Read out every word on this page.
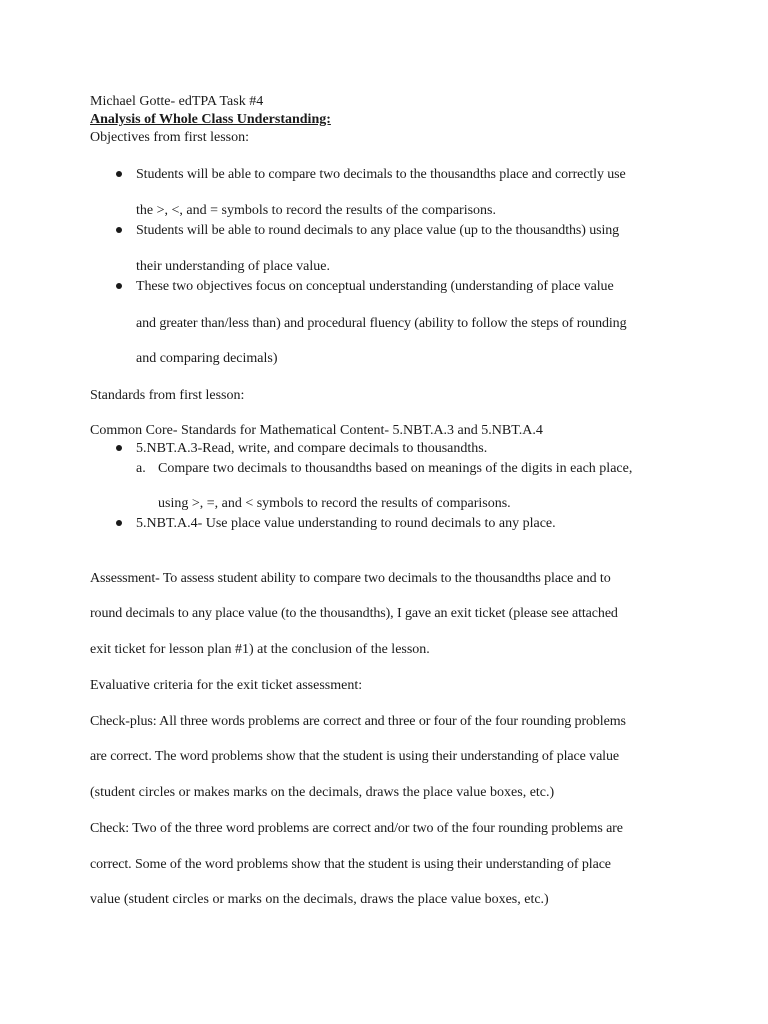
Michael Gotte- edTPA Task #4
Analysis of Whole Class Understanding:
Objectives from first lesson:
Students will be able to compare two decimals to the thousandths place and correctly use
the >, <, and = symbols to record the results of the comparisons.
Students will be able to round decimals to any place value (up to the thousandths) using
their understanding of place value.
These two objectives focus on conceptual understanding (understanding of place value
and greater than/less than) and procedural fluency (ability to follow the steps of rounding
and comparing decimals)
Standards from first lesson:
Common Core- Standards for Mathematical Content- 5.NBT.A.3 and 5.NBT.A.4
5.NBT.A.3-Read, write, and compare decimals to thousandths.
a. Compare two decimals to thousandths based on meanings of the digits in each place,
using >, =, and < symbols to record the results of comparisons.
5.NBT.A.4- Use place value understanding to round decimals to any place.
Assessment- To assess student ability to compare two decimals to the thousandths place and to
round decimals to any place value (to the thousandths), I gave an exit ticket (please see attached
exit ticket for lesson plan #1) at the conclusion of the lesson.
Evaluative criteria for the exit ticket assessment:
Check-plus: All three words problems are correct and three or four of the four rounding problems
are correct. The word problems show that the student is using their understanding of place value
(student circles or makes marks on the decimals, draws the place value boxes, etc.)
Check: Two of the three word problems are correct and/or two of the four rounding problems are
correct. Some of the word problems show that the student is using their understanding of place
value (student circles or marks on the decimals, draws the place value boxes, etc.)
